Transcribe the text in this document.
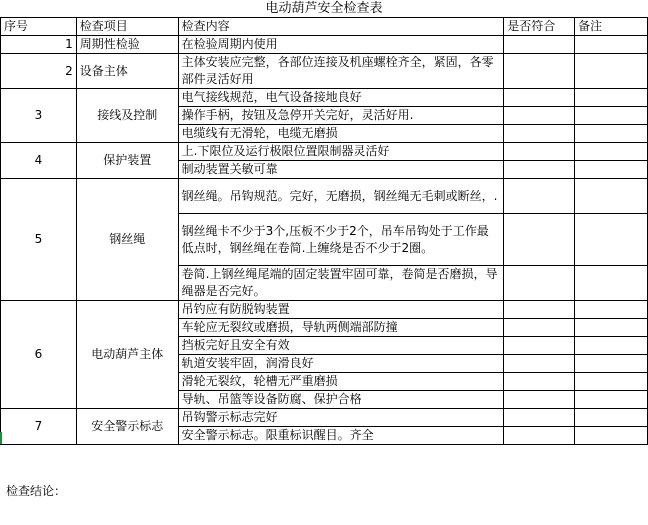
电动葫芦安全检查表
序号	检查项目	检查内容	是否符合	备注
1	周期性检验	在检验周期内使用		
2	设备主体	主体安装应完整，各部位连接及机座螺栓齐全，紧固，各零部件灵活好用		
3	接线及控制	电气接线规范，电气设备接地良好		
		操作手柄，按钮及急停开关完好，灵活好用.		
		电缆线有无滑轮，电缆无磨损		
4	保护装置	上.下限位及运行极限位置限制器灵活好		
		制动装置关敏可靠		
5	钢丝绳	钢丝绳。吊钩规范。完好，无磨损，钢丝绳无毛刺或断丝，.		
		钢丝绳卡不少于3个,压板不少于2个，吊车吊钩处于工作最低点时，钢丝绳在卷简.上缠绕是否不少于2圈。		
		卷简.上钢丝绳尾端的固定装置牢固可靠，卷简是否磨损，导绳器是否完好。		
6	电动葫芦主体	吊钓应有防脱钩装置		
		车轮应无裂纹或磨损，导轨两侧端部防撞		
		挡板完好且安全有效		
		轨道安装牢固，润滑良好		
		滑轮无裂纹，轮槽无严重磨损		
		导轨、吊篮等设备防腐、保护合格		
7	安全警示标志	吊钩警示标志完好		
		安全警示标志。限重标识醒目。齐全		
检查结论：
